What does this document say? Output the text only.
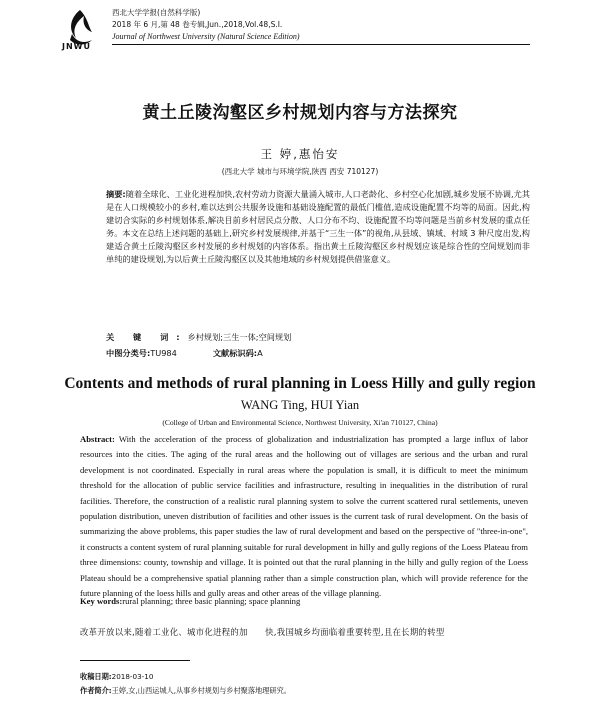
JNWU
西北大学学报(自然科学版)
2018 年 6 月,第 48 卷专辑,Jun.,2018,Vol.48,S.I.
Journal of Northwest University (Natural Science Edition)
黄土丘陵沟壑区乡村规划内容与方法探究
王 婷,惠怡安
(西北大学 城市与环境学院,陕西 西安 710127)
摘要:随着全球化、工业化进程加快,农村劳动力资源大量涌入城市,人口老龄化、乡村空心化加剧,城乡发展不协调,尤其是在人口规模较小的乡村,难以达到公共服务设施和基础设施配置的最低门槛值,造成设施配置不均等的局面。因此,构建切合实际的乡村规划体系,解决目前乡村居民点分散、人口分布不均、设施配置不均等问题是当前乡村发展的重点任务。本文在总结上述问题的基础上,研究乡村发展规律,并基于“三生一体”的视角,从县域、镇域、村域 3 种尺度出发,构建适合黄土丘陵沟壑区乡村发展的乡村规划的内容体系。指出黄土丘陵沟壑区乡村规划应该是综合性的空间规划而非单纯的建设规划,为以后黄土丘陵沟壑区以及其他地域的乡村规划提供借鉴意义。
关 键 词:乡村规划;三生一体;空间规划
中图分类号:TU984	文献标识码:A
Contents and methods of rural planning in Loess Hilly and gully region
WANG Ting, HUI Yian
(College of Urban and Environmental Science, Northwest University, Xi'an 710127, China)
Abstract: With the acceleration of the process of globalization and industrialization has prompted a large influx of labor resources into the cities. The aging of the rural areas and the hollowing out of villages are serious and the urban and rural development is not coordinated. Especially in rural areas where the population is small, it is difficult to meet the minimum threshold for the allocation of public service facilities and infrastructure, resulting in inequalities in the distribution of rural facilities. Therefore, the construction of a realistic rural planning system to solve the current scattered rural settlements, uneven population distribution, uneven distribution of facilities and other issues is the current task of rural development. On the basis of summarizing the above problems, this paper studies the law of rural development and based on the perspective of "three-in-one", it constructs a content system of rural planning suitable for rural development in hilly and gully regions of the Loess Plateau from three dimensions: county, township and village. It is pointed out that the rural planning in the hilly and gully region of the Loess Plateau should be a comprehensive spatial planning rather than a simple construction plan, which will provide reference for the future planning of the loess hills and gully areas and other areas of the village planning.
Key words:rural planning; three basic planning; space planning
改革开放以来,随着工业化、城市化进程的加　　快,我国城乡均面临着重要转型,且在长期的转型
收稿日期:2018-03-10
作者简介:王婷,女,山西运城人,从事乡村规划与乡村聚落地理研究。
